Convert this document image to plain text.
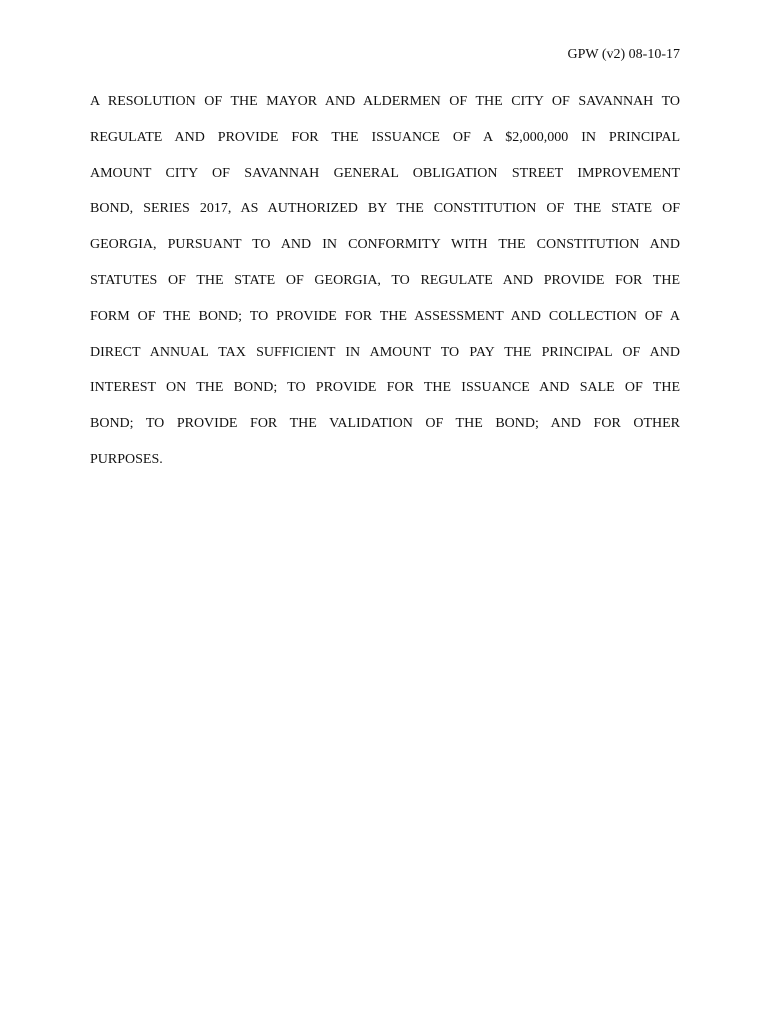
GPW (v2) 08-10-17
A RESOLUTION OF THE MAYOR AND ALDERMEN OF THE CITY OF SAVANNAH TO
REGULATE AND PROVIDE FOR THE ISSUANCE OF A $2,000,000 IN PRINCIPAL
AMOUNT CITY OF SAVANNAH GENERAL OBLIGATION STREET IMPROVEMENT
BOND, SERIES 2017, AS AUTHORIZED BY THE CONSTITUTION OF THE STATE OF
GEORGIA, PURSUANT TO AND IN CONFORMITY WITH THE CONSTITUTION AND
STATUTES OF THE STATE OF GEORGIA, TO REGULATE AND PROVIDE FOR THE
FORM OF THE BOND; TO PROVIDE FOR THE ASSESSMENT AND COLLECTION OF A
DIRECT ANNUAL TAX SUFFICIENT IN AMOUNT TO PAY THE PRINCIPAL OF AND
INTEREST ON THE BOND; TO PROVIDE FOR THE ISSUANCE AND SALE OF THE
BOND; TO PROVIDE FOR THE VALIDATION OF THE BOND; AND FOR OTHER
PURPOSES.
